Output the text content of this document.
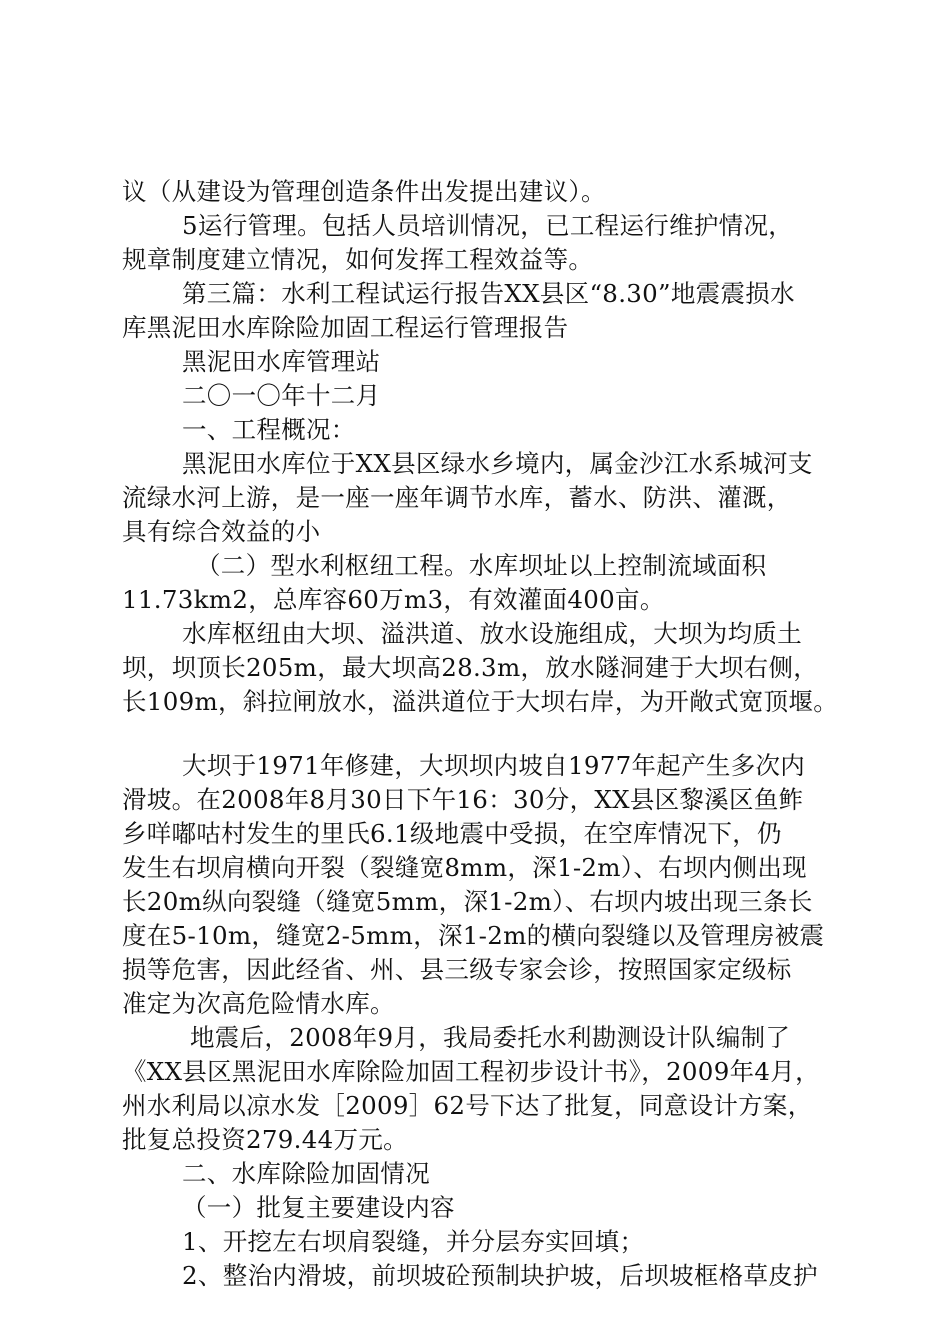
议（从建设为管理创造条件出发提出建议）。
5运行管理。包括人员培训情况，已工程运行维护情况，
规章制度建立情况，如何发挥工程效益等。
第三篇：水利工程试运行报告XX县区“8.30”地震震损水
库黑泥田水库除险加固工程运行管理报告
黑泥田水库管理站
二〇一〇年十二月
一、工程概况：
黑泥田水库位于XX县区绿水乡境内，属金沙江水系城河支
流绿水河上游，是一座一座年调节水库，蓄水、防洪、灌溉，
具有综合效益的小
（二）型水利枢纽工程。水库坝址以上控制流域面积
11.73km2，总库容60万m3，有效灌面400亩。
水库枢纽由大坝、溢洪道、放水设施组成，大坝为均质土
坝，坝顶长205m，最大坝高28.3m，放水隧洞建于大坝右侧，
长109m，斜拉闸放水，溢洪道位于大坝右岸，为开敞式宽顶堰。
大坝于1971年修建，大坝坝内坡自1977年起产生多次内
滑坡。在2008年8月30日下午16：30分，XX县区黎溪区鱼鲊
乡咩嘟咕村发生的里氏6.1级地震中受损，在空库情况下，仍
发生右坝肩横向开裂（裂缝宽8mm，深1-2m）、右坝内侧出现
长20m纵向裂缝（缝宽5mm，深1-2m）、右坝内坡出现三条长
度在5-10m，缝宽2-5mm，深1-2m的横向裂缝以及管理房被震
损等危害，因此经省、州、县三级专家会诊，按照国家定级标
准定为次高危险情水库。
地震后，2008年9月，我局委托水利勘测设计队编制了
《XX县区黑泥田水库除险加固工程初步设计书》，2009年4月，
州水利局以凉水发［2009］62号下达了批复，同意设计方案，
批复总投资279.44万元。
二、水库除险加固情况
（一）批复主要建设内容
1、开挖左右坝肩裂缝，并分层夯实回填；
2、整治内滑坡，前坝坡砼预制块护坡，后坝坡框格草皮护
